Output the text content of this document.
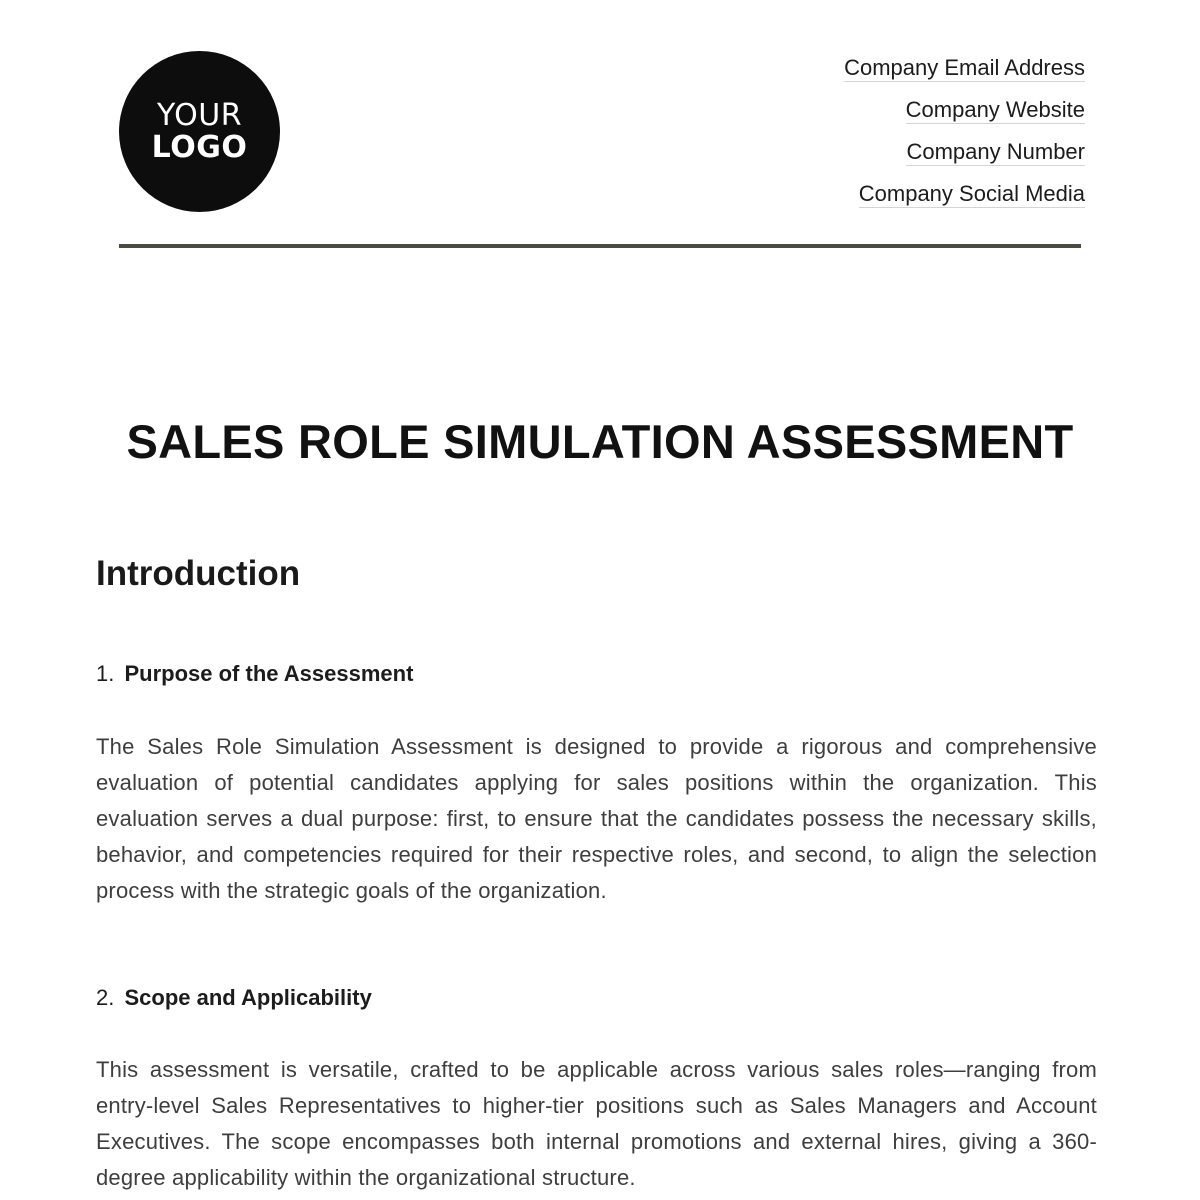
YOUR
LOGO
Company Email Address
Company Website
Company Number
Company Social Media
SALES ROLE SIMULATION ASSESSMENT
Introduction
1. Purpose of the Assessment

The Sales Role Simulation Assessment is designed to provide a rigorous and comprehensive evaluation of potential candidates applying for sales positions within the organization. This evaluation serves a dual purpose: first, to ensure that the candidates possess the necessary skills, behavior, and competencies required for their respective roles, and second, to align the selection process with the strategic goals of the organization.

2. Scope and Applicability

This assessment is versatile, crafted to be applicable across various sales roles—ranging from entry-level Sales Representatives to higher-tier positions such as Sales Managers and Account Executives. The scope encompasses both internal promotions and external hires, giving a 360-degree applicability within the organizational structure.
